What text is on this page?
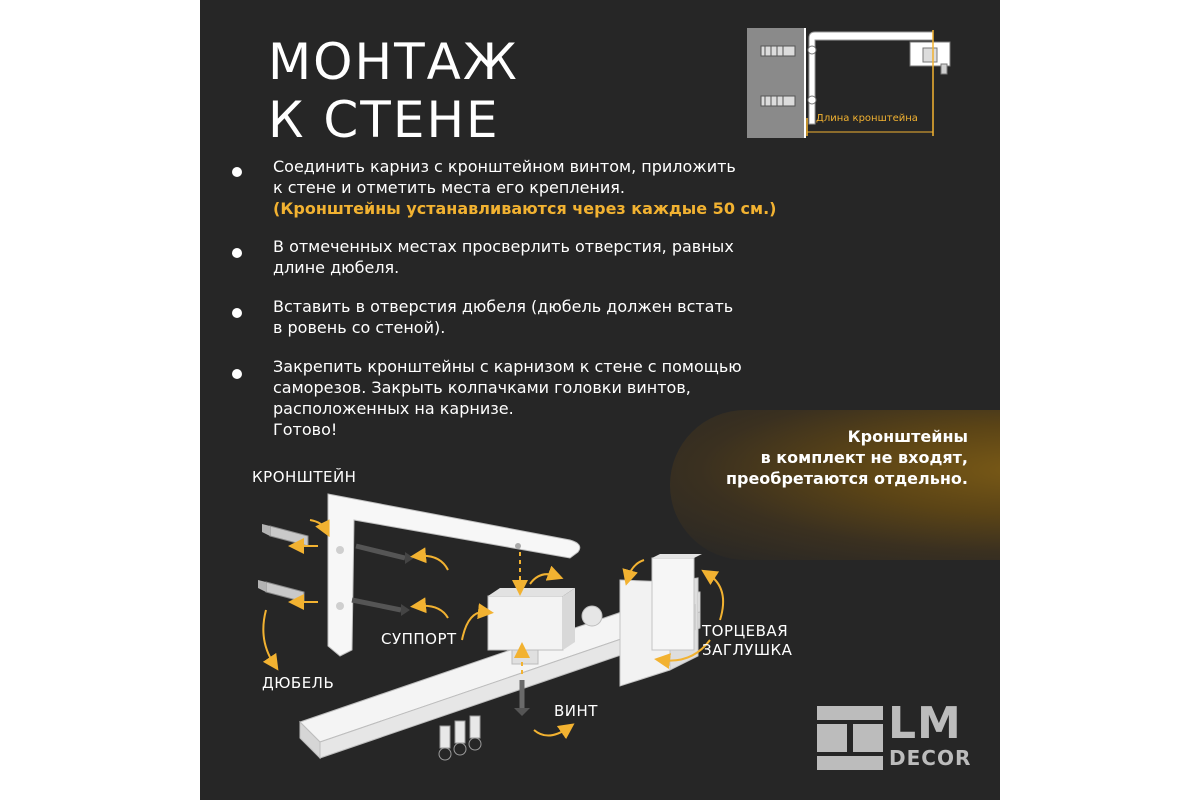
МОНТАЖ
К СТЕНЕ	Длина кронштейна
Соединить карниз с кронштейном винтом, приложить
к стене и отметить места его крепления.
(Кронштейны устанавливаются через каждые 50 см.)
В отмеченных местах просверлить отверстия, равных
длине дюбеля.
Вставить в отверстия дюбеля (дюбель должен встать
в ровень со стеной).
Закрепить кронштейны с карнизом к стене с помощью
саморезов. Закрыть колпачками головки винтов,
расположенных на карнизе.
Готово!	Кронштейны
в комплект не входят,
преобретаются отдельно.
КРОНШТЕЙН
СУППОРТ
ДЮБЕЛЬ
ВИНТ
ТОРЦЕВАЯ
ЗАГЛУШКА
LM
DECOR
